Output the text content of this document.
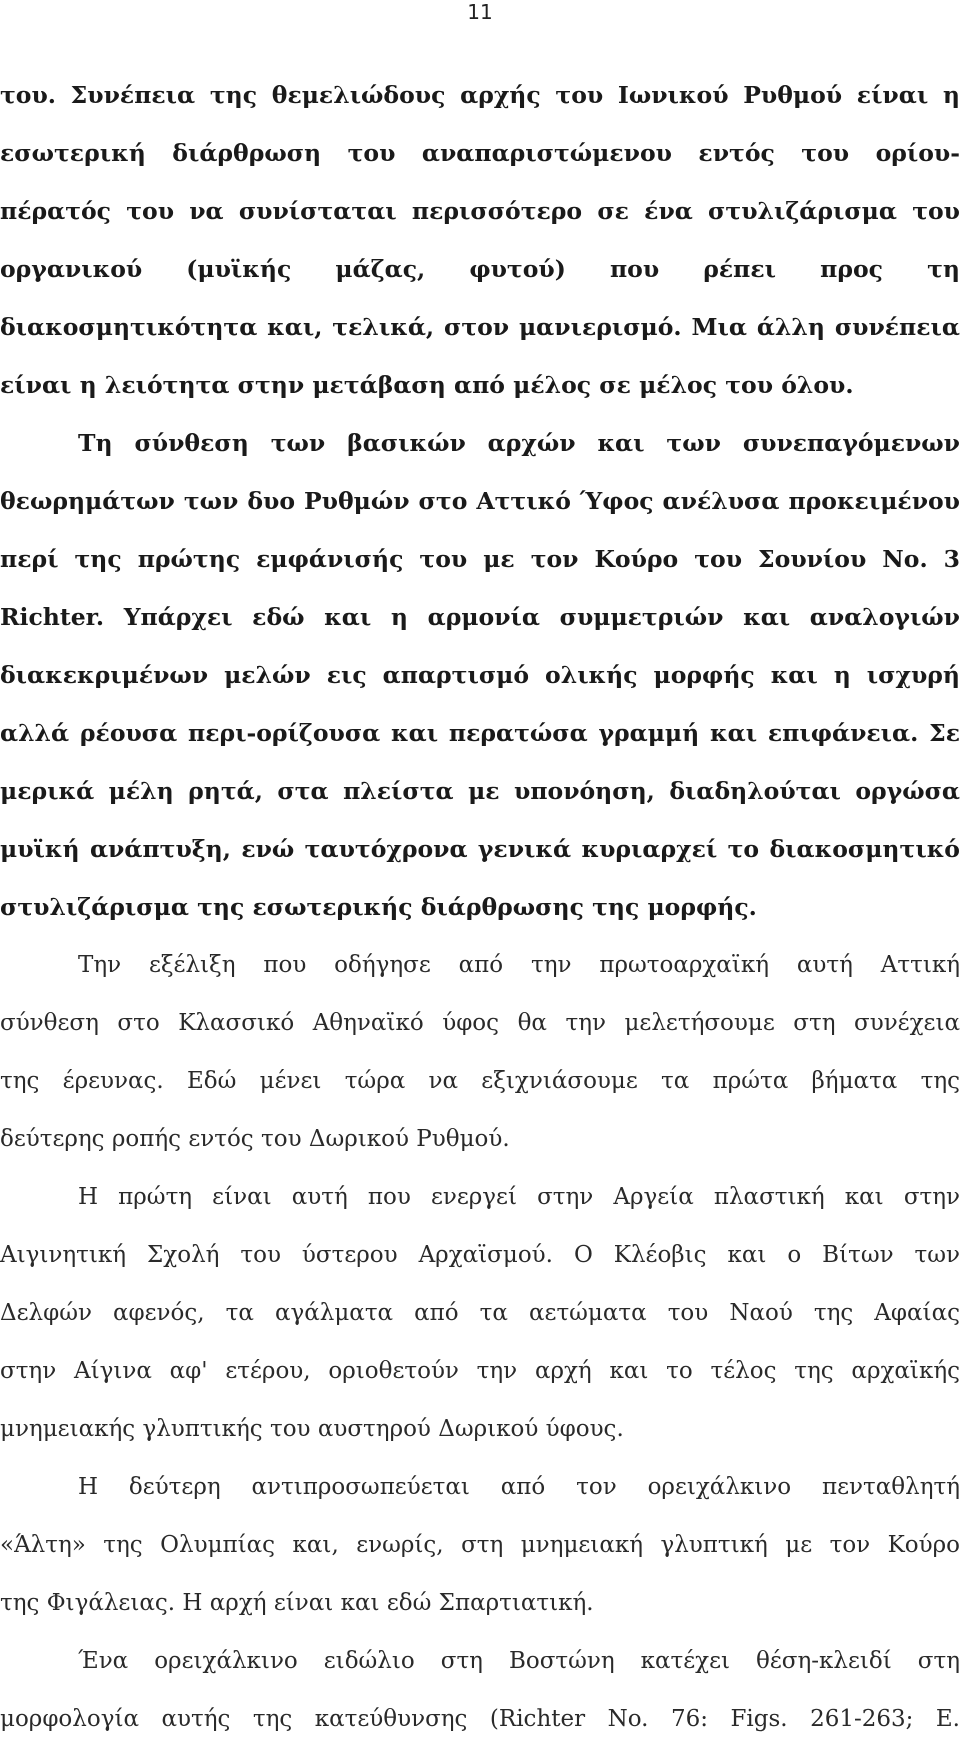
11
του. Συνέπεια της θεμελιώδους αρχής του Ιωνικού Ρυθμού είναι η
εσωτερική διάρθρωση του αναπαριστώμενου εντός του ορίου-
πέρατός του να συνίσταται περισσότερο σε ένα στυλιζάρισμα του
οργανικού (μυϊκής μάζας, φυτού) που ρέπει προς τη
διακοσμητικότητα και, τελικά, στον μανιερισμό. Μια άλλη συνέπεια
είναι η λειότητα στην μετάβαση από μέλος σε μέλος του όλου.
Τη σύνθεση των βασικών αρχών και των συνεπαγόμενων
θεωρημάτων των δυο Ρυθμών στο Αττικό Ύφος ανέλυσα προκειμένου
περί της πρώτης εμφάνισής του με τον Κούρο του Σουνίου Νο. 3
Richter. Υπάρχει εδώ και η αρμονία συμμετριών και αναλογιών
διακεκριμένων μελών εις απαρτισμό ολικής μορφής και η ισχυρή
αλλά ρέουσα περι-ορίζουσα και περατώσα γραμμή και επιφάνεια. Σε
μερικά μέλη ρητά, στα πλείστα με υπονόηση, διαδηλούται οργώσα
μυϊκή ανάπτυξη, ενώ ταυτόχρονα γενικά κυριαρχεί το διακοσμητικό
στυλιζάρισμα της εσωτερικής διάρθρωσης της μορφής.
Την εξέλιξη που οδήγησε από την πρωτοαρχαϊκή αυτή Αττική
σύνθεση στο Κλασσικό Αθηναϊκό ύφος θα την μελετήσουμε στη συνέχεια
της έρευνας. Εδώ μένει τώρα να εξιχνιάσουμε τα πρώτα βήματα της
δεύτερης ροπής εντός του Δωρικού Ρυθμού.
Η πρώτη είναι αυτή που ενεργεί στην Αργεία πλαστική και στην
Αιγινητική Σχολή του ύστερου Αρχαϊσμού. Ο Κλέοβις και ο Βίτων των
Δελφών αφενός, τα αγάλματα από τα αετώματα του Ναού της Αφαίας
στην Αίγινα αφ' ετέρου, οριοθετούν την αρχή και το τέλος της αρχαϊκής
μνημειακής γλυπτικής του αυστηρού Δωρικού ύφους.
Η δεύτερη αντιπροσωπεύεται από τον ορειχάλκινο πενταθλητή
«Άλτη» της Ολυμπίας και, ενωρίς, στη μνημειακή γλυπτική με τον Κούρο
της Φιγάλειας. Η αρχή είναι και εδώ Σπαρτιατική.
Ένα ορειχάλκινο ειδώλιο στη Βοστώνη κατέχει θέση-κλειδί στη
μορφολογία αυτής της κατεύθυνσης (Richter No. 76: Figs. 261-263; E.
